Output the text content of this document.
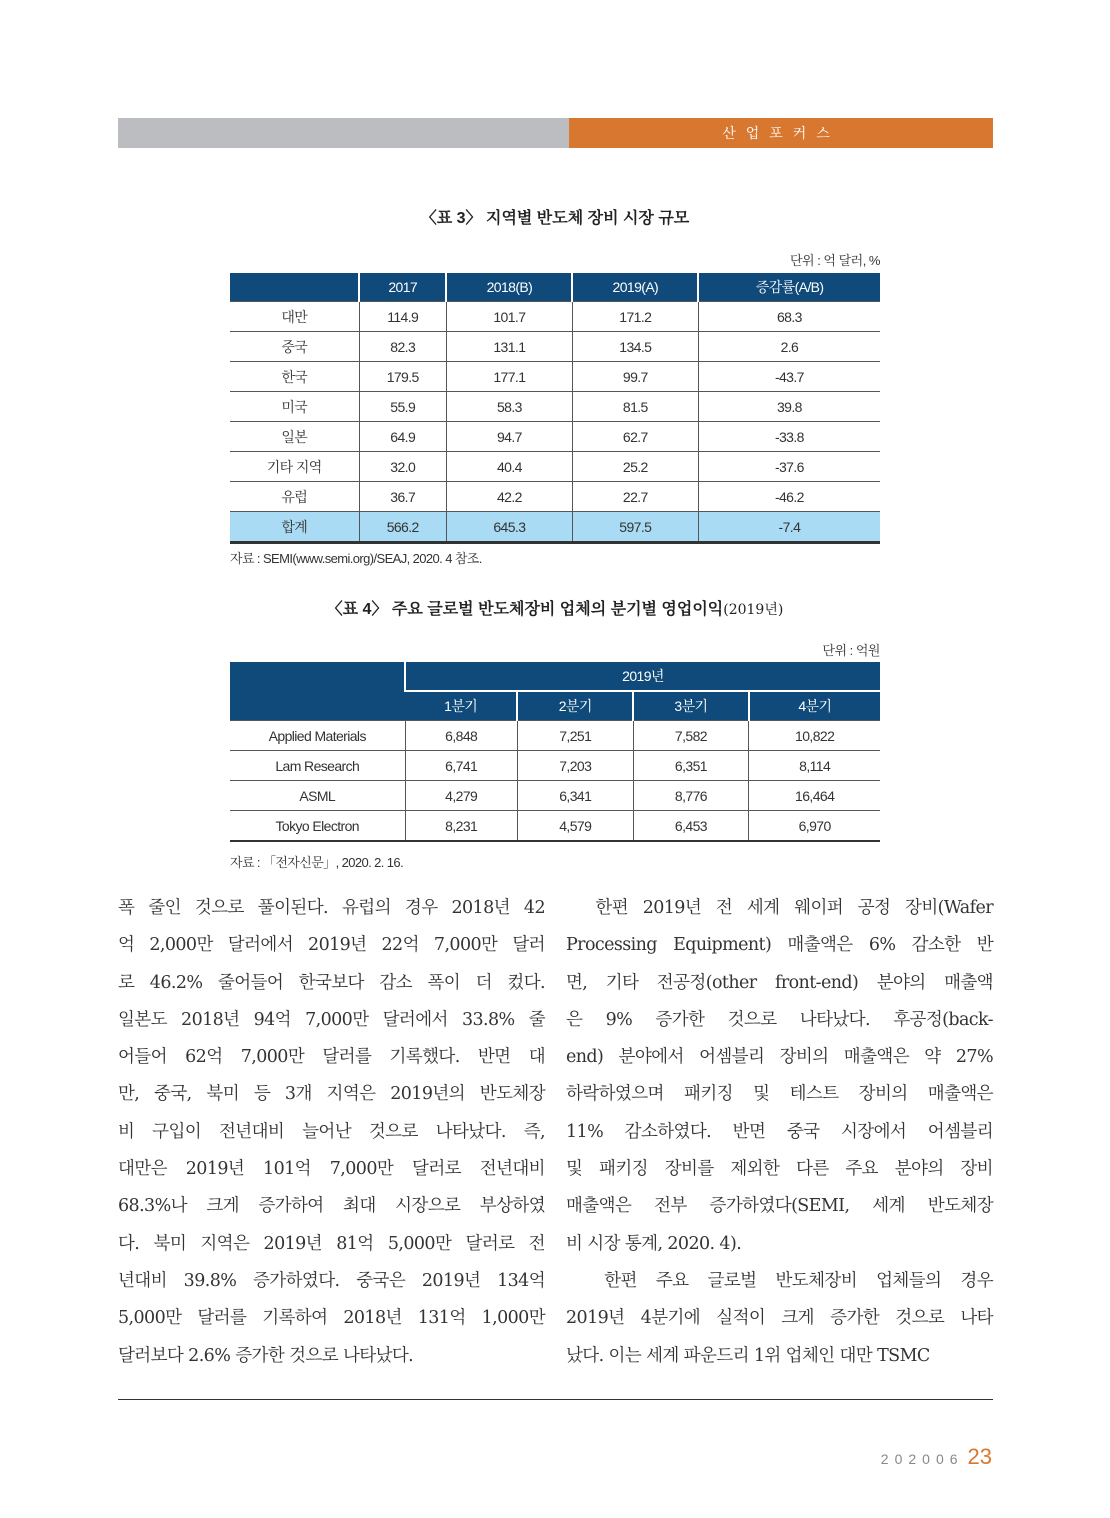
산업포커스
〈표 3〉 지역별 반도체 장비 시장 규모
단위 : 억 달러, %
	2017	2018(B)	2019(A)	증감률(A/B)
대만	114.9	101.7	171.2	68.3
중국	82.3	131.1	134.5	2.6
한국	179.5	177.1	99.7	-43.7
미국	55.9	58.3	81.5	39.8
일본	64.9	94.7	62.7	-33.8
기타 지역	32.0	40.4	25.2	-37.6
유럽	36.7	42.2	22.7	-46.2
합계	566.2	645.3	597.5	-7.4
자료 : SEMI(www.semi.org)/SEAJ, 2020. 4 참조.
〈표 4〉 주요 글로벌 반도체장비 업체의 분기별 영업이익(2019년)
단위 : 억원
	2019년			
	1분기	2분기	3분기	4분기
Applied Materials	6,848	7,251	7,582	10,822
Lam Research	6,741	7,203	6,351	8,114
ASML	4,279	6,341	8,776	16,464
Tokyo Electron	8,231	4,579	6,453	6,970
자료 : 「전자신문」, 2020. 2. 16.
폭 줄인 것으로 풀이된다. 유럽의 경우 2018년 42
억 2,000만 달러에서 2019년 22억 7,000만 달러
로 46.2% 줄어들어 한국보다 감소 폭이 더 컸다.
일본도 2018년 94억 7,000만 달러에서 33.8% 줄
어들어 62억 7,000만 달러를 기록했다. 반면 대
만, 중국, 북미 등 3개 지역은 2019년의 반도체장
비 구입이 전년대비 늘어난 것으로 나타났다. 즉,
대만은 2019년 101억 7,000만 달러로 전년대비
68.3%나 크게 증가하여 최대 시장으로 부상하였
다. 북미 지역은 2019년 81억 5,000만 달러로 전
년대비 39.8% 증가하였다. 중국은 2019년 134억
5,000만 달러를 기록하여 2018년 131억 1,000만
달러보다 2.6% 증가한 것으로 나타났다.
한편 2019년 전 세계 웨이퍼 공정 장비(Wafer
Processing Equipment) 매출액은 6% 감소한 반
면, 기타 전공정(other front-end) 분야의 매출액
은 9% 증가한 것으로 나타났다. 후공정(back-
end) 분야에서 어셈블리 장비의 매출액은 약 27%
하락하였으며 패키징 및 테스트 장비의 매출액은
11% 감소하였다. 반면 중국 시장에서 어셈블리
및 패키징 장비를 제외한 다른 주요 분야의 장비
매출액은 전부 증가하였다(SEMI, 세계 반도체장
비 시장 통계, 2020. 4).
한편 주요 글로벌 반도체장비 업체들의 경우
2019년 4분기에 실적이 크게 증가한 것으로 나타
났다. 이는 세계 파운드리 1위 업체인 대만 TSMC
202006 23
